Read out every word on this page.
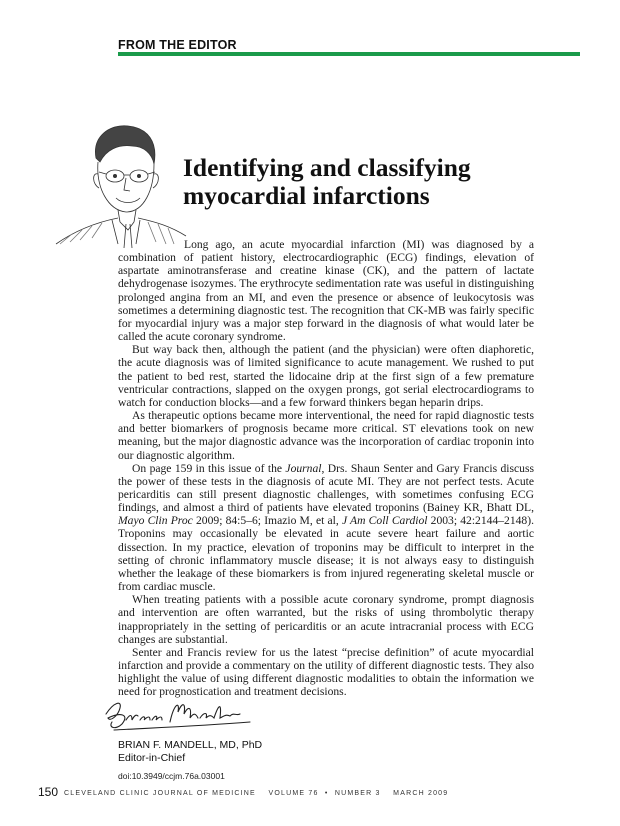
FROM THE EDITOR
Identifying and classifying
myocardial infarctions

Long ago, an acute myocardial infarction (MI) was diagnosed by a combination of patient history, electrocardiographic (ECG) findings, elevation of aspartate aminotransferase and creatine kinase (CK), and the pattern of lactate dehydrogenase isozymes. The erythrocyte sedimentation rate was useful in distinguishing prolonged angina from an MI, and even the presence or absence of leukocytosis was sometimes a determining diagnostic test. The recognition that CK-MB was fairly specific for myocardial injury was a major step forward in the diagnosis of what would later be called the acute coronary syndrome.

But way back then, although the patient (and the physician) were often diaphoretic, the acute diagnosis was of limited significance to acute management. We rushed to put the patient to bed rest, started the lidocaine drip at the first sign of a few premature ventricular contractions, slapped on the oxygen prongs, got serial electrocardiograms to watch for conduction blocks—and a few forward thinkers began heparin drips.

As therapeutic options became more interventional, the need for rapid diagnostic tests and better biomarkers of prognosis became more critical. ST elevations took on new meaning, but the major diagnostic advance was the incorporation of cardiac troponin into our diagnostic algorithm.

On page 159 in this issue of the Journal, Drs. Shaun Senter and Gary Francis discuss the power of these tests in the diagnosis of acute MI. They are not perfect tests. Acute pericarditis can still present diagnostic challenges, with sometimes confusing ECG findings, and almost a third of patients have elevated troponins (Bainey KR, Bhatt DL, Mayo Clin Proc 2009; 84:5–6; Imazio M, et al, J Am Coll Cardiol 2003; 42:2144–2148). Troponins may occasionally be elevated in acute severe heart failure and aortic dissection. In my practice, elevation of troponins may be difficult to interpret in the setting of chronic inflammatory muscle disease; it is not always easy to distinguish whether the leakage of these biomarkers is from injured regenerating skeletal muscle or from cardiac muscle.

When treating patients with a possible acute coronary syndrome, prompt diagnosis and intervention are often warranted, but the risks of using thrombolytic therapy inappropriately in the setting of pericarditis or an acute intracranial process with ECG changes are substantial.

Senter and Francis review for us the latest “precise definition” of acute myocardial infarction and provide a commentary on the utility of different diagnostic tests. They also highlight the value of using different diagnostic modalities to obtain the information we need for prognostication and treatment decisions.

BRIAN F. MANDELL, MD, PhD
Editor-in-Chief
doi:10.3949/ccjm.76a.03001
150 CLEVELAND CLINIC JOURNAL OF MEDICINE    VOLUME 76  •  NUMBER 3    MARCH 2009
